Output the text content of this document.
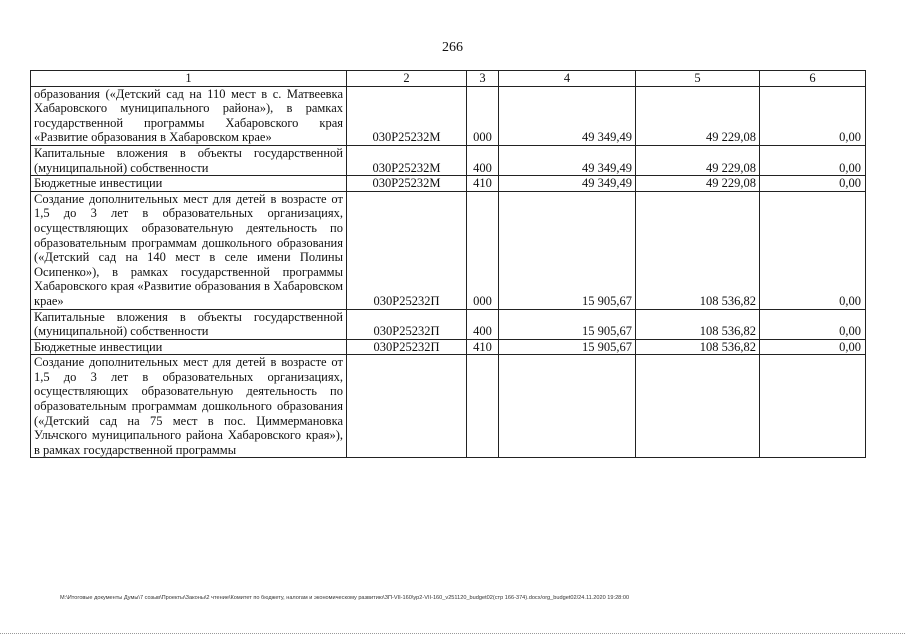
266
1	2	3	4	5	6
образования («Детский сад на 110 мест в с. Матвеевка Хабаровского муниципального района»), в рамках государственной программы Хабаровского края «Развитие образования в Хабаровском крае»	030P25232M	000	49 349,49	49 229,08	0,00
Капитальные вложения в объекты государственной (муниципальной) собственности	030P25232M	400	49 349,49	49 229,08	0,00
Бюджетные инвестиции	030P25232M	410	49 349,49	49 229,08	0,00
Создание дополнительных мест для детей в возрасте от 1,5 до 3 лет в образовательных организациях, осуществляющих образовательную деятельность по образовательным программам дошкольного образования («Детский сад на 140 мест в селе имени Полины Осипенко»), в рамках государственной программы Хабаровского края «Развитие образования в Хабаровском крае»	030P25232П	000	15 905,67	108 536,82	0,00
Капитальные вложения в объекты государственной (муниципальной) собственности	030P25232П	400	15 905,67	108 536,82	0,00
Бюджетные инвестиции	030P25232П	410	15 905,67	108 536,82	0,00
Создание дополнительных мест для детей в возрасте от 1,5 до 3 лет в образовательных организациях, осуществляющих образовательную деятельность по образовательным программам дошкольного образования («Детский сад на 75 мест в пос. Циммермановка Ульчского муниципального района Хабаровского края»), в рамках государственной программы					
M:\Итоговые документы Думы\7 созыв\Проекты\Законы\2 чтение\Комитет по бюджету, налогам и экономическому развитию\ЗП-VII-160\ур2-VII-160_v251120_budget02(стр 166-374).docx/org_budget02/24.11.2020 19:28:00
